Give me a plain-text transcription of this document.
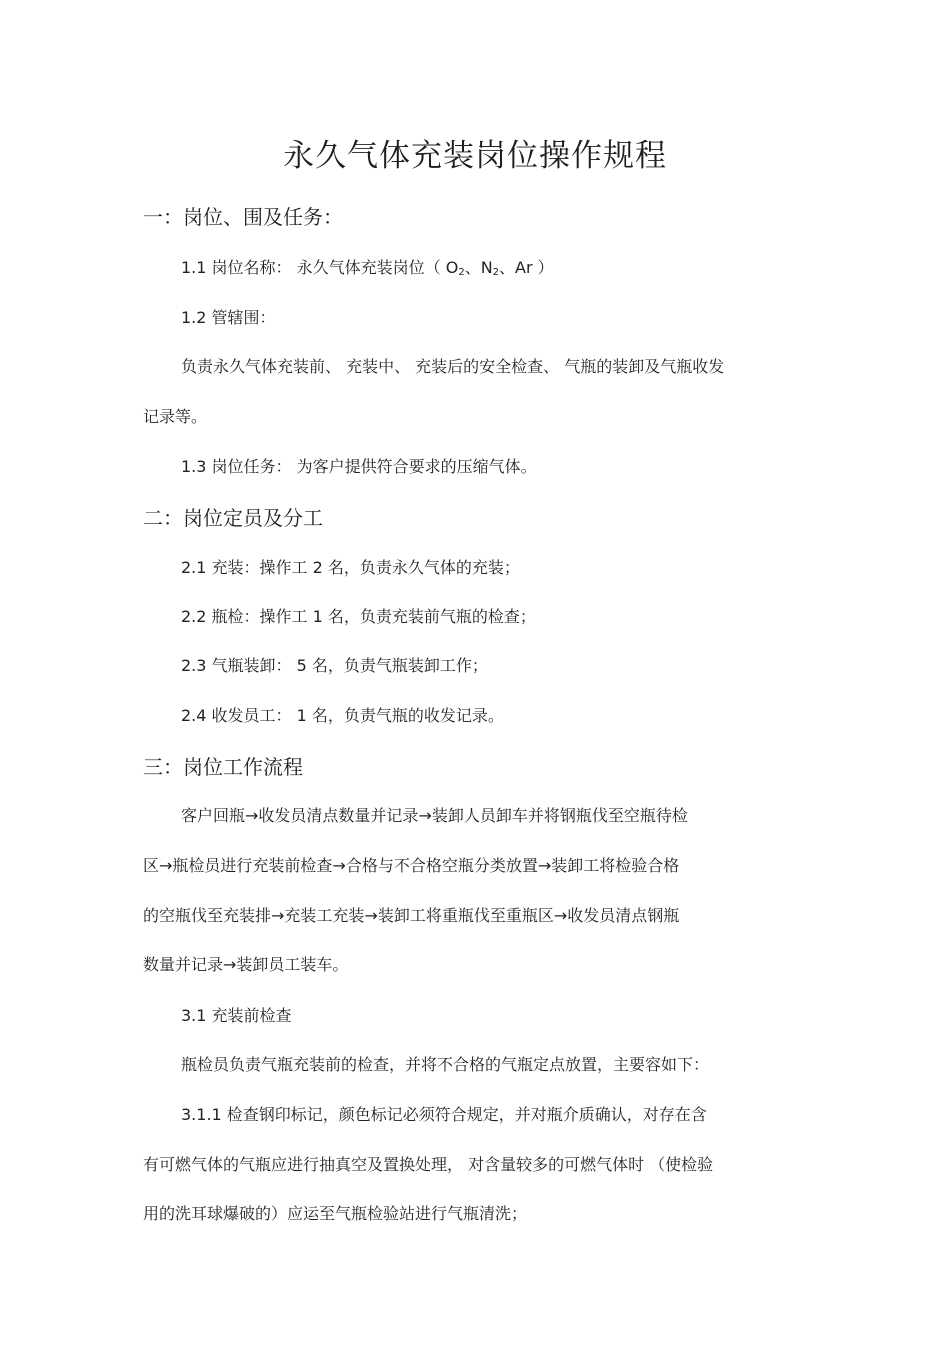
永久气体充装岗位操作规程
一：岗位、围及任务：
1.1 岗位名称： 永久气体充装岗位（ $O_2$、$N_2$、Ar ）
1.2 管辖围：
负责永久气体充装前、 充装中、 充装后的安全检查、 气瓶的装卸及气瓶收发
记录等。
1.3 岗位任务： 为客户提供符合要求的压缩气体。
二：岗位定员及分工
2.1 充装：操作工 2 名，负责永久气体的充装；
2.2 瓶检：操作工 1 名，负责充装前气瓶的检查；
2.3 气瓶装卸： 5 名，负责气瓶装卸工作；
2.4 收发员工： 1 名，负责气瓶的收发记录。
三：岗位工作流程
客户回瓶→收发员清点数量并记录→装卸人员卸车并将钢瓶伐至空瓶待检
区→瓶检员进行充装前检查→合格与不合格空瓶分类放置→装卸工将检验合格
的空瓶伐至充装排→充装工充装→装卸工将重瓶伐至重瓶区→收发员清点钢瓶
数量并记录→装卸员工装车。
3.1 充装前检查
瓶检员负责气瓶充装前的检查，并将不合格的气瓶定点放置，主要容如下：
3.1.1 检查钢印标记，颜色标记必须符合规定，并对瓶介质确认，对存在含
有可燃气体的气瓶应进行抽真空及置换处理， 对含量较多的可燃气体时 （使检验
用的洗耳球爆破的）应运至气瓶检验站进行气瓶清洗；
